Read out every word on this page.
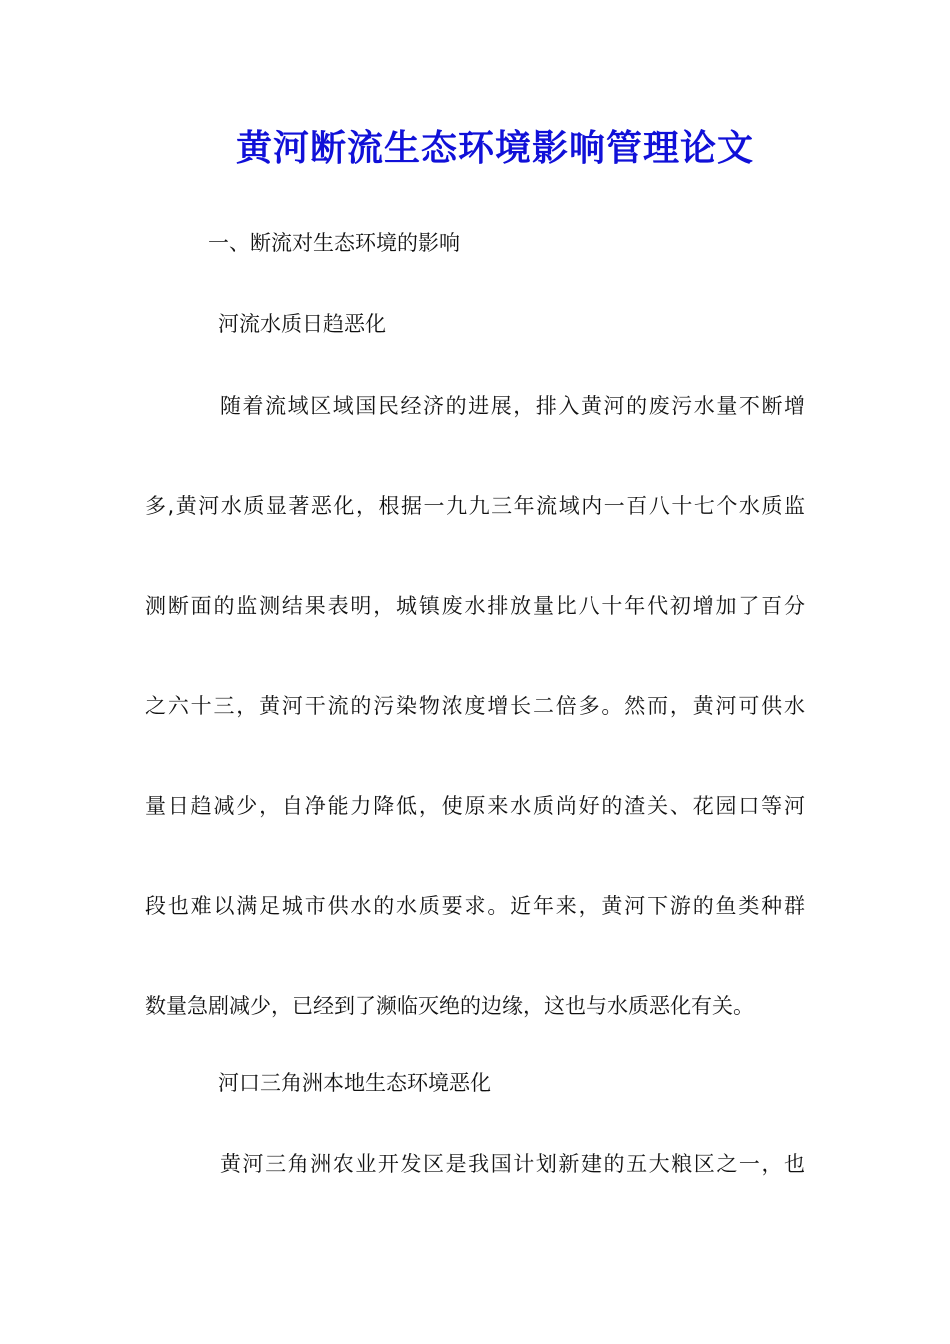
黄河断流生态环境影响管理论文
一、断流对生态环境的影响
河流水质日趋恶化
随着流域区域国民经济的进展，排入黄河的废污水量不断增
多,黄河水质显著恶化，根据一九九三年流域内一百八十七个水质监
测断面的监测结果表明，城镇废水排放量比八十年代初增加了百分
之六十三，黄河干流的污染物浓度增长二倍多。然而，黄河可供水
量日趋减少，自净能力降低，使原来水质尚好的渣关、花园口等河
段也难以满足城市供水的水质要求。近年来，黄河下游的鱼类种群
数量急剧减少，已经到了濒临灭绝的边缘，这也与水质恶化有关。
河口三角洲本地生态环境恶化
黄河三角洲农业开发区是我国计划新建的五大粮区之一，也
